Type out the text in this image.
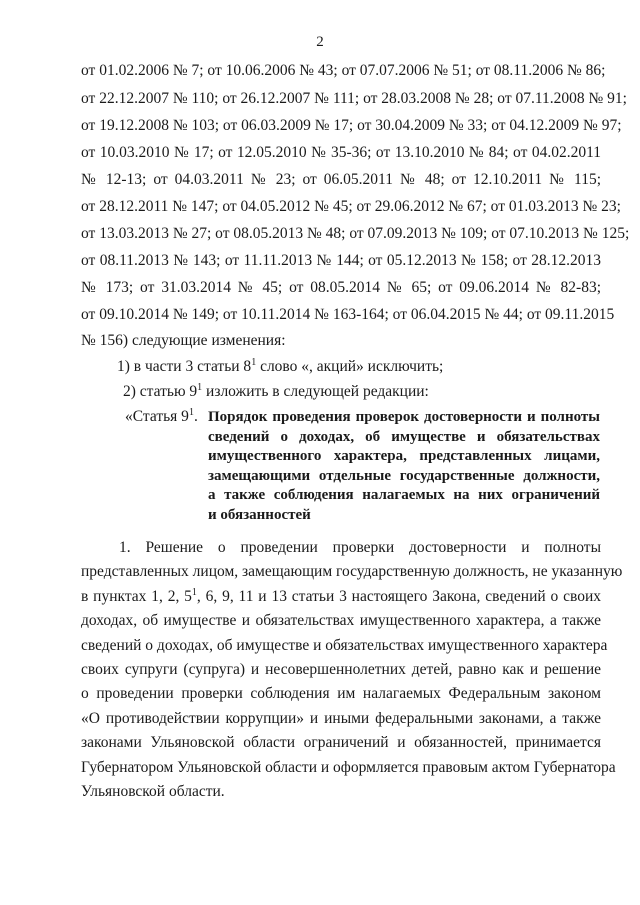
2
от 01.02.2006 № 7; от 10.06.2006 № 43; от 07.07.2006 № 51; от 08.11.2006 № 86;
от 22.12.2007 № 110; от 26.12.2007 № 111; от 28.03.2008 № 28; от 07.11.2008 № 91;
от 19.12.2008 № 103; от 06.03.2009 № 17; от 30.04.2009 № 33; от 04.12.2009 № 97;
от 10.03.2010 № 17; от 12.05.2010 № 35-36; от 13.10.2010 № 84; от 04.02.2011
№ 12-13; от 04.03.2011 № 23; от 06.05.2011 № 48; от 12.10.2011 № 115;
от 28.12.2011 № 147; от 04.05.2012 № 45; от 29.06.2012 № 67; от 01.03.2013 № 23;
от 13.03.2013 № 27; от 08.05.2013 № 48; от 07.09.2013 № 109; от 07.10.2013 № 125;
от 08.11.2013 № 143; от 11.11.2013 № 144; от 05.12.2013 № 158; от 28.12.2013
№ 173; от 31.03.2014 № 45; от 08.05.2014 № 65; от 09.06.2014 № 82-83;
от 09.10.2014 № 149; от 10.11.2014 № 163-164; от 06.04.2015 № 44; от 09.11.2015
№ 156) следующие изменения:
1) в части 3 статьи $8^1$ слово «, акций» исключить;
2) статью $9^1$ изложить в следующей редакции:
«Статья $9^1$. Порядок проведения проверок достоверности и полноты
сведений о доходах, об имуществе и обязательствах
имущественного характера, представленных лицами,
замещающими отдельные государственные должности,
а также соблюдения налагаемых на них ограничений
и обязанностей
1. Решение о проведении проверки достоверности и полноты
представленных лицом, замещающим государственную должность, не указанную
в пунктах 1, 2, $5^1$, 6, 9, 11 и 13 статьи 3 настоящего Закона, сведений о своих
доходах, об имуществе и обязательствах имущественного характера, а также
сведений о доходах, об имуществе и обязательствах имущественного характера
своих супруги (супруга) и несовершеннолетних детей, равно как и решение
о проведении проверки соблюдения им налагаемых Федеральным законом
«О противодействии коррупции» и иными федеральными законами, а также
законами Ульяновской области ограничений и обязанностей, принимается
Губернатором Ульяновской области и оформляется правовым актом Губернатора
Ульяновской области.
